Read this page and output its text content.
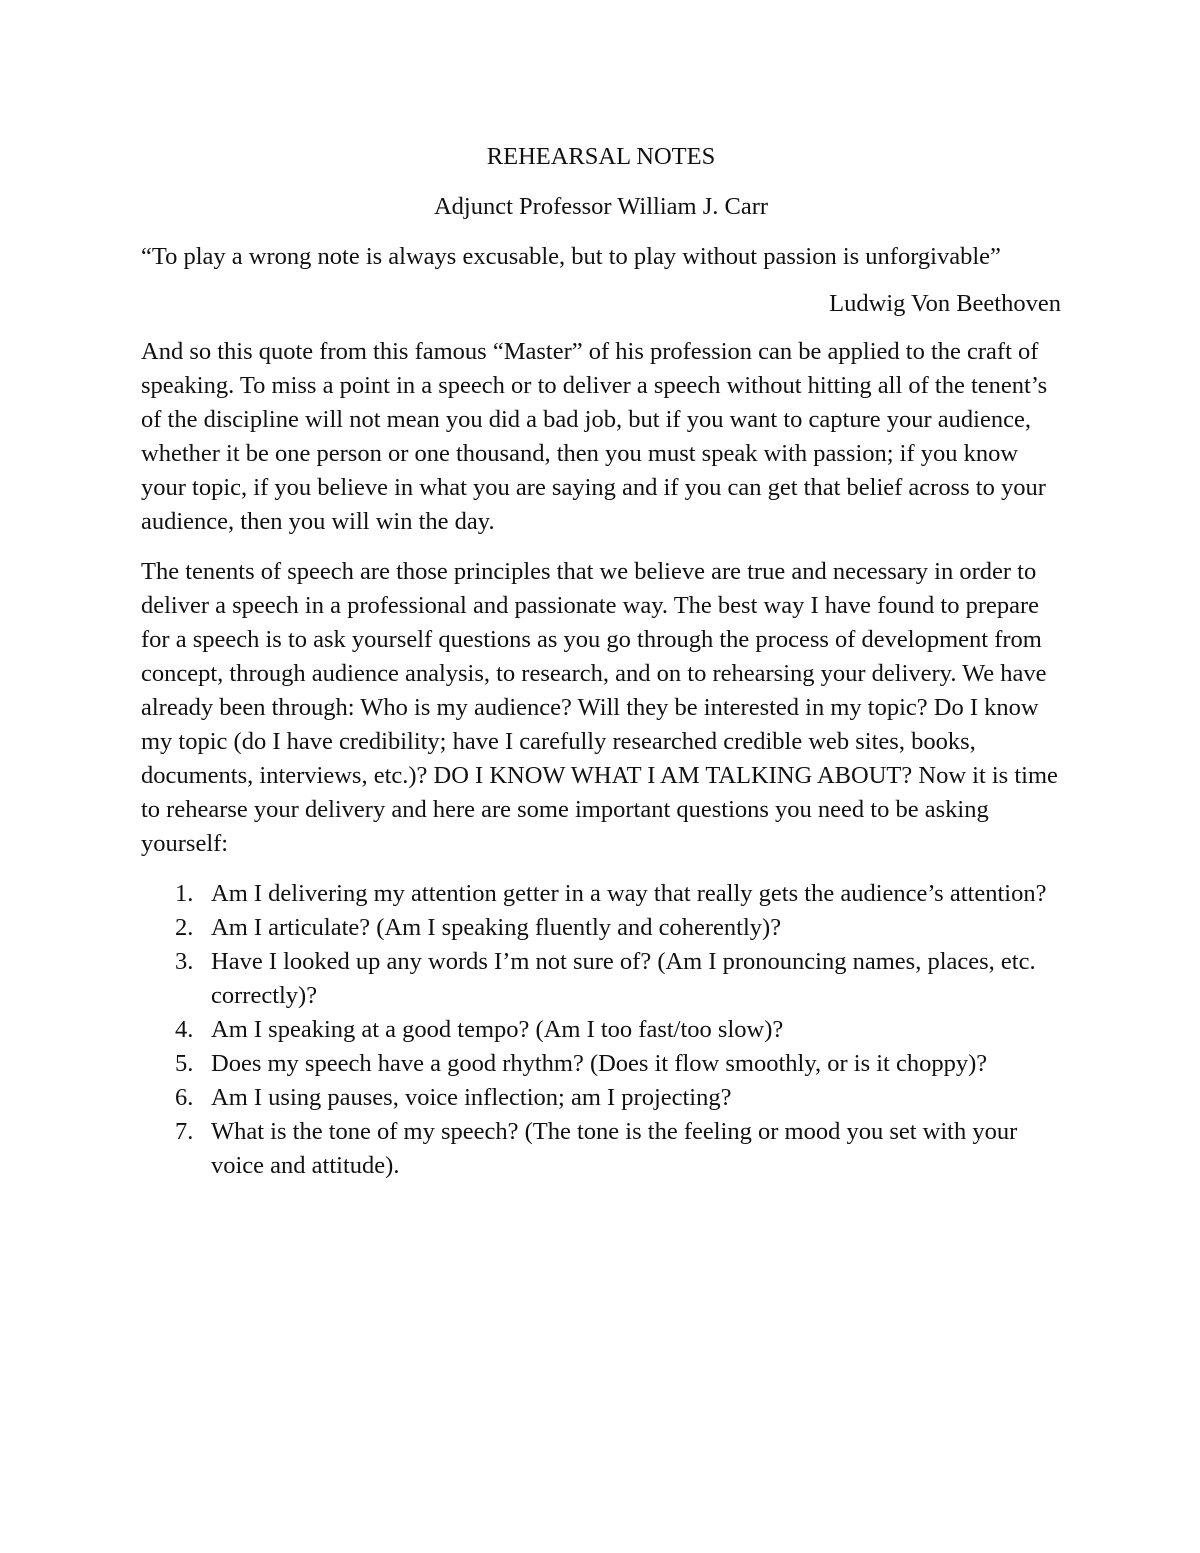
REHEARSAL NOTES

Adjunct Professor William J. Carr

“To play a wrong note is always excusable, but to play without passion is unforgivable”

Ludwig Von Beethoven

And so this quote from this famous “Master” of his profession can be applied to the craft of speaking. To miss a point in a speech or to deliver a speech without hitting all of the tenent’s of the discipline will not mean you did a bad job, but if you want to capture your audience, whether it be one person or one thousand, then you must speak with passion; if you know your topic, if you believe in what you are saying and if you can get that belief across to your audience, then you will win the day.

The tenents of speech are those principles that we believe are true and necessary in order to deliver a speech in a professional and passionate way. The best way I have found to prepare for a speech is to ask yourself questions as you go through the process of development from concept, through audience analysis, to research, and on to rehearsing your delivery. We have already been through: Who is my audience? Will they be interested in my topic? Do I know my topic (do I have credibility; have I carefully researched credible web sites, books, documents, interviews, etc.)? DO I KNOW WHAT I AM TALKING ABOUT? Now it is time to rehearse your delivery and here are some important questions you need to be asking yourself:

1. Am I delivering my attention getter in a way that really gets the audience’s attention?
2. Am I articulate? (Am I speaking fluently and coherently)?
3. Have I looked up any words I’m not sure of? (Am I pronouncing names, places, etc. correctly)?
4. Am I speaking at a good tempo? (Am I too fast/too slow)?
5. Does my speech have a good rhythm? (Does it flow smoothly, or is it choppy)?
6. Am I using pauses, voice inflection; am I projecting?
7. What is the tone of my speech? (The tone is the feeling or mood you set with your voice and attitude).
